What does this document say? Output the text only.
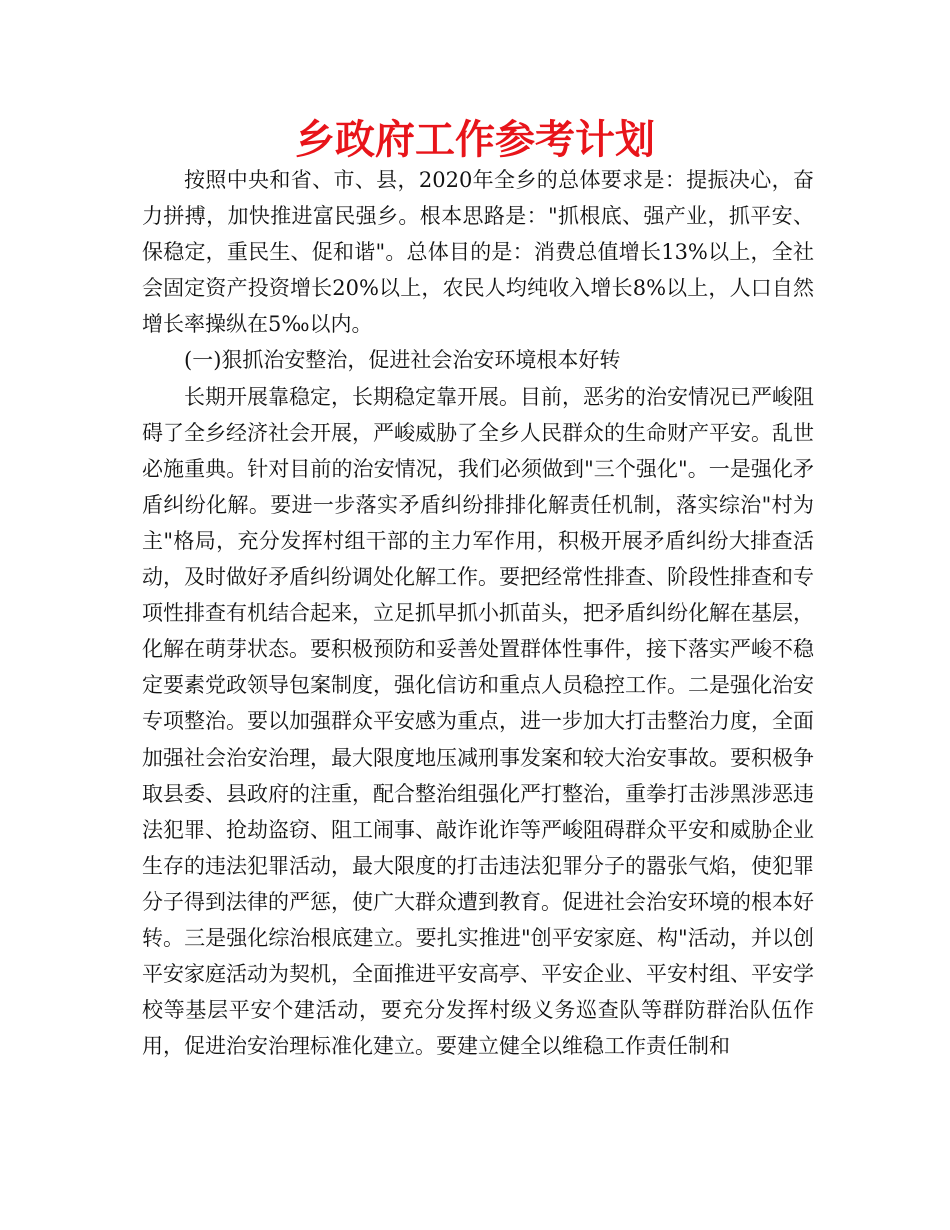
乡政府工作参考计划

按照中央和省、市、县，2020年全乡的总体要求是：提振决心，奋力拼搏，加快推进富民强乡。根本思路是："抓根底、强产业，抓平安、保稳定，重民生、促和谐"。总体目的是：消费总值增长13%以上，全社会固定资产投资增长20%以上，农民人均纯收入增长8%以上，人口自然增长率操纵在5‰以内。

(一)狠抓治安整治，促进社会治安环境根本好转

长期开展靠稳定，长期稳定靠开展。目前，恶劣的治安情况已严峻阻碍了全乡经济社会开展，严峻威胁了全乡人民群众的生命财产平安。乱世必施重典。针对目前的治安情况，我们必须做到"三个强化"。一是强化矛盾纠纷化解。要进一步落实矛盾纠纷排排化解责任机制，落实综治"村为主"格局，充分发挥村组干部的主力军作用，积极开展矛盾纠纷大排查活动，及时做好矛盾纠纷调处化解工作。要把经常性排查、阶段性排查和专项性排查有机结合起来，立足抓早抓小抓苗头，把矛盾纠纷化解在基层，化解在萌芽状态。要积极预防和妥善处置群体性事件，接下落实严峻不稳定要素党政领导包案制度，强化信访和重点人员稳控工作。二是强化治安专项整治。要以加强群众平安感为重点，进一步加大打击整治力度，全面加强社会治安治理，最大限度地压减刑事发案和较大治安事故。要积极争取县委、县政府的注重，配合整治组强化严打整治，重拳打击涉黑涉恶违法犯罪、抢劫盗窃、阻工闹事、敲诈讹诈等严峻阻碍群众平安和威胁企业生存的违法犯罪活动，最大限度的打击违法犯罪分子的嚣张气焰，使犯罪分子得到法律的严惩，使广大群众遭到教育。促进社会治安环境的根本好转。三是强化综治根底建立。要扎实推进"创平安家庭、构"活动，并以创平安家庭活动为契机，全面推进平安高亭、平安企业、平安村组、平安学校等基层平安个建活动，要充分发挥村级义务巡查队等群防群治队伍作用，促进治安治理标准化建立。要建立健全以维稳工作责任制和
